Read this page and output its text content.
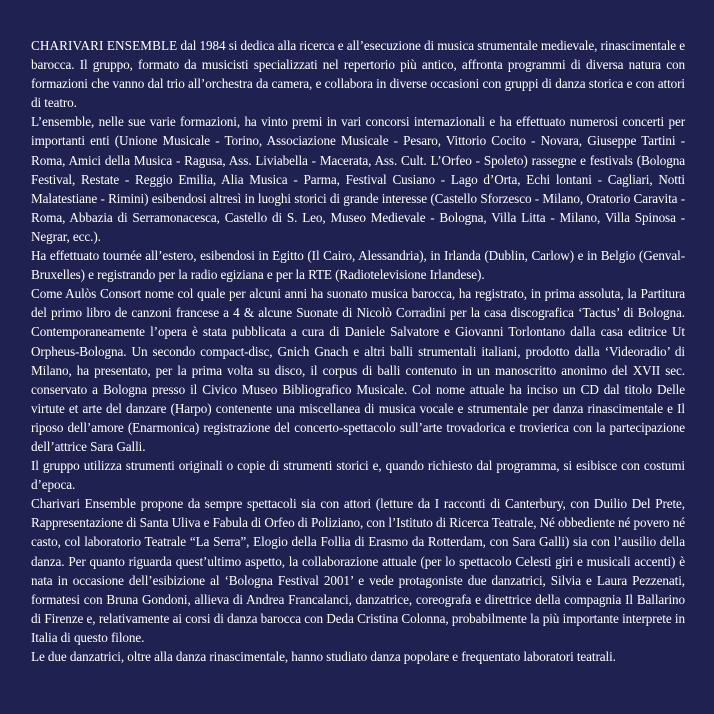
CHARIVARI ENSEMBLE dal 1984 si dedica alla ricerca e all’esecuzione di musica strumentale medievale, rinascimentale e barocca. Il gruppo, formato da musicisti specializzati nel repertorio più antico, affronta programmi di diversa natura con formazioni che vanno dal trio all’orchestra da camera, e collabora in diverse occasioni con gruppi di danza storica e con attori di teatro.

L’ensemble, nelle sue varie formazioni, ha vinto premi in vari concorsi internazionali e ha effettuato numerosi concerti per importanti enti (Unione Musicale - Torino, Associazione Musicale - Pesaro, Vittorio Cocito - Novara, Giuseppe Tartini - Roma, Amici della Musica - Ragusa, Ass. Liviabella - Macerata, Ass. Cult. L’Orfeo - Spoleto) rassegne e festivals (Bologna Festival, Restate - Reggio Emilia, Alia Musica - Parma, Festival Cusiano - Lago d’Orta, Echi lontani - Cagliari, Notti Malatestiane - Rimini) esibendosi altresì in luoghi storici di grande interesse (Castello Sforzesco - Milano, Oratorio Caravita - Roma, Abbazia di Serramonacesca, Castello di S. Leo, Museo Medievale - Bologna, Villa Litta - Milano, Villa Spinosa - Negrar, ecc.).

Ha effettuato tournée all’estero, esibendosi in Egitto (Il Cairo, Alessandria), in Irlanda (Dublin, Carlow) e in Belgio (Genval-Bruxelles) e registrando per la radio egiziana e per la RTE (Radiotelevisione Irlandese).

Come Aulòs Consort nome col quale per alcuni anni ha suonato musica barocca, ha registrato, in prima assoluta, la Partitura del primo libro de canzoni francese a 4 & alcune Suonate di Nicolò Corradini per la casa discografica ‘Tactus’ di Bologna. Contemporaneamente l’opera è stata pubblicata a cura di Daniele Salvatore e Giovanni Torlontano dalla casa editrice Ut Orpheus-Bologna. Un secondo compact-disc, Gnich Gnach e altri balli strumentali italiani, prodotto dalla ‘Videoradio’ di Milano, ha presentato, per la prima volta su disco, il corpus di balli contenuto in un manoscritto anonimo del XVII sec. conservato a Bologna presso il Civico Museo Bibliografico Musicale. Col nome attuale ha inciso un CD dal titolo Delle virtute et arte del danzare (Harpo) contenente una miscellanea di musica vocale e strumentale per danza rinascimentale e Il riposo dell’amore (Enarmonica) registrazione del concerto-spettacolo sull’arte trovadorica e trovierica con la partecipazione dell’attrice Sara Galli.

Il gruppo utilizza strumenti originali o copie di strumenti storici e, quando richiesto dal programma, si esibisce con costumi d’epoca.

Charivari Ensemble propone da sempre spettacoli sia con attori (letture da I racconti di Canterbury, con Duilio Del Prete, Rappresentazione di Santa Uliva e Fabula di Orfeo di Poliziano, con l’Istituto di Ricerca Teatrale, Né obbediente né povero né casto, col laboratorio Teatrale “La Serra”, Elogio della Follia di Erasmo da Rotterdam, con Sara Galli) sia con l’ausilio della danza. Per quanto riguarda quest’ultimo aspetto, la collaborazione attuale (per lo spettacolo Celesti giri e musicali accenti) è nata in occasione dell’esibizione al ‘Bologna Festival 2001’ e vede protagoniste due danzatrici, Silvia e Laura Pezzenati, formatesi con Bruna Gondoni, allieva di Andrea Francalanci, danzatrice, coreografa e direttrice della compagnia Il Ballarino di Firenze e, relativamente ai corsi di danza barocca con Deda Cristina Colonna, probabilmente la più importante interprete in Italia di questo filone.

Le due danzatrici, oltre alla danza rinascimentale, hanno studiato danza popolare e frequentato laboratori teatrali.
